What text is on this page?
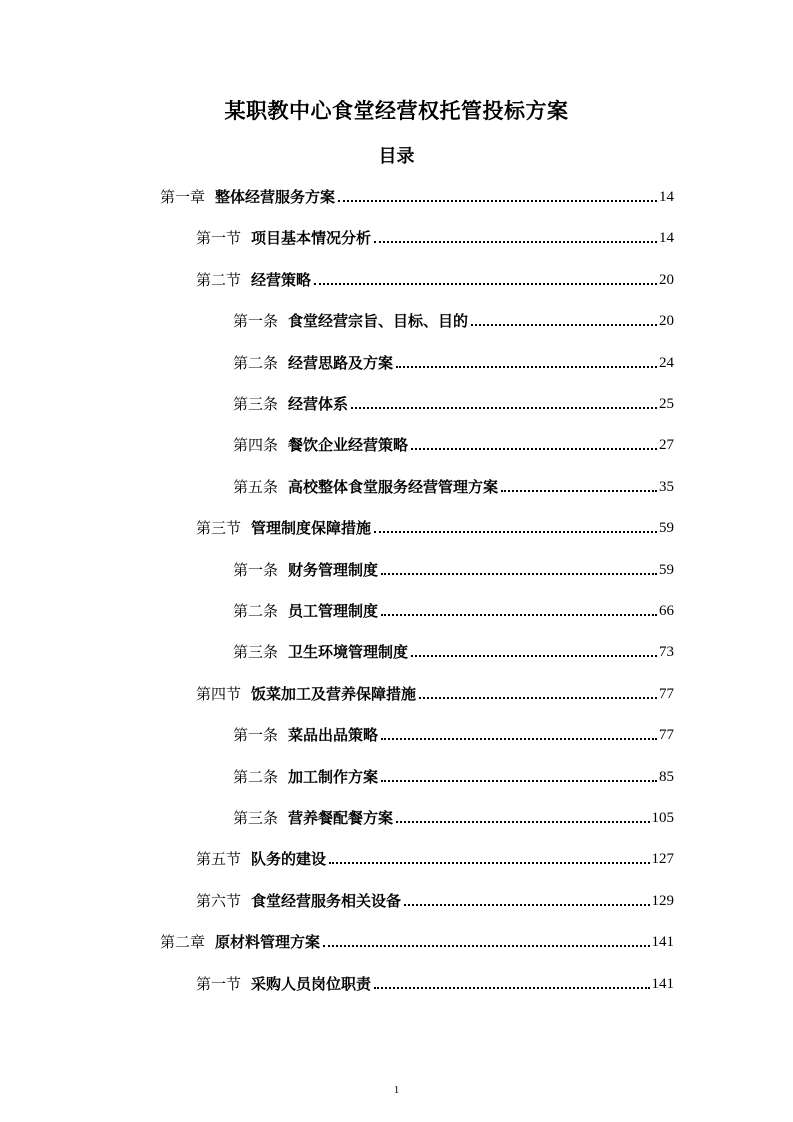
某职教中心食堂经营权托管投标方案
目录
第一章 整体经营服务方案	14
第一节 项目基本情况分析	14
第二节 经营策略	20
第一条 食堂经营宗旨、目标、目的	20
第二条 经营思路及方案	24
第三条 经营体系	25
第四条 餐饮企业经营策略	27
第五条 高校整体食堂服务经营管理方案	35
第三节 管理制度保障措施	59
第一条 财务管理制度	59
第二条 员工管理制度	66
第三条 卫生环境管理制度	73
第四节 饭菜加工及营养保障措施	77
第一条 菜品出品策略	77
第二条 加工制作方案	85
第三条 营养餐配餐方案	105
第五节 队务的建设	127
第六节 食堂经营服务相关设备	129
第二章 原材料管理方案	141
第一节 采购人员岗位职责	141
1
